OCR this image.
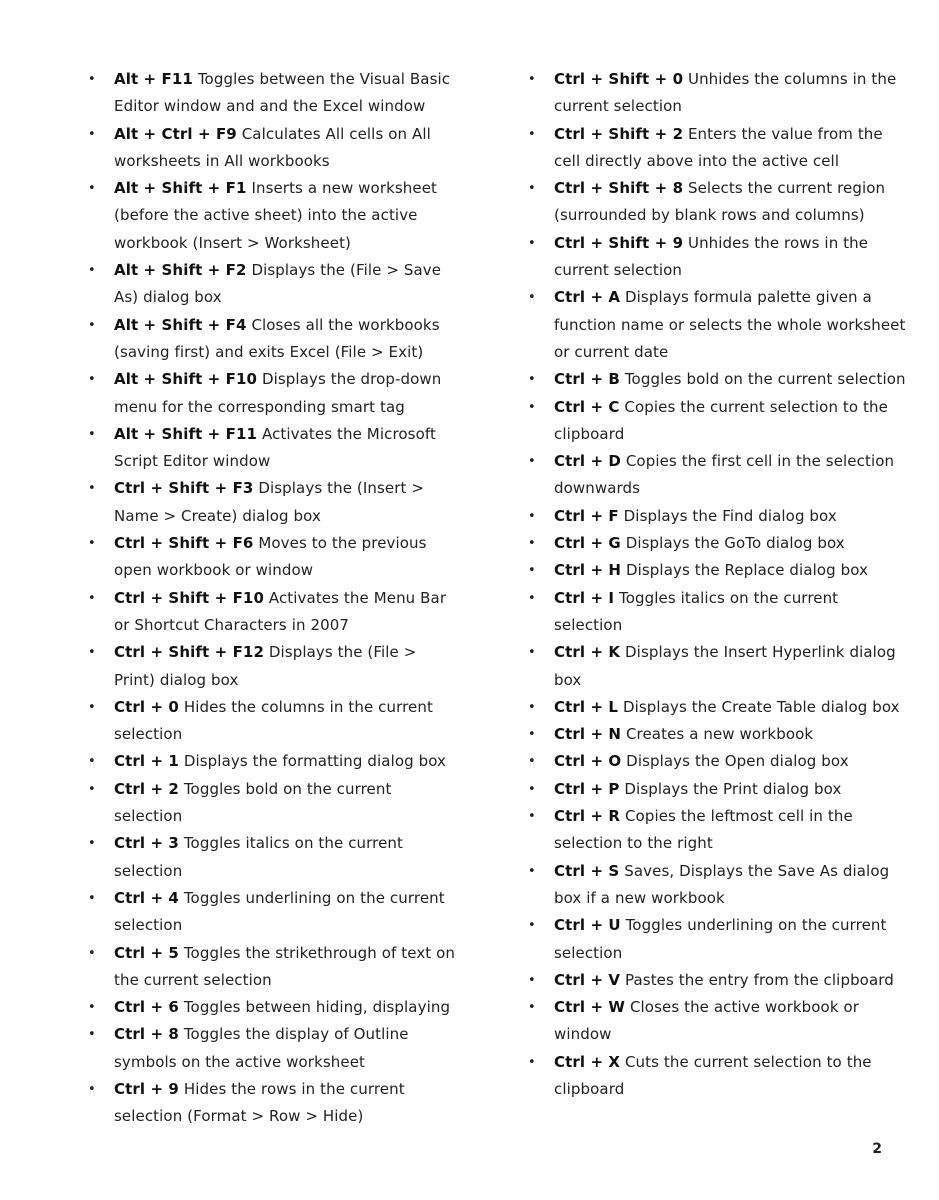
• Alt + F11 Toggles between the Visual Basic Editor window and and the Excel window
• Alt + Ctrl + F9 Calculates All cells on All worksheets in All workbooks
• Alt + Shift + F1 Inserts a new worksheet (before the active sheet) into the active workbook (Insert > Worksheet)
• Alt + Shift + F2 Displays the (File > Save As) dialog box
• Alt + Shift + F4 Closes all the workbooks (saving first) and exits Excel (File > Exit)
• Alt + Shift + F10 Displays the drop-down menu for the corresponding smart tag
• Alt + Shift + F11 Activates the Microsoft Script Editor window
• Ctrl + Shift + F3 Displays the (Insert > Name > Create) dialog box
• Ctrl + Shift + F6 Moves to the previous open workbook or window
• Ctrl + Shift + F10 Activates the Menu Bar or Shortcut Characters in 2007
• Ctrl + Shift + F12 Displays the (File > Print) dialog box
• Ctrl + 0 Hides the columns in the current selection
• Ctrl + 1 Displays the formatting dialog box
• Ctrl + 2 Toggles bold on the current selection
• Ctrl + 3 Toggles italics on the current selection
• Ctrl + 4 Toggles underlining on the current selection
• Ctrl + 5 Toggles the strikethrough of text on the current selection
• Ctrl + 6 Toggles between hiding, displaying
• Ctrl + 8 Toggles the display of Outline symbols on the active worksheet
• Ctrl + 9 Hides the rows in the current selection (Format > Row > Hide)
• Ctrl + Shift + 0 Unhides the columns in the current selection
• Ctrl + Shift + 2 Enters the value from the cell directly above into the active cell
• Ctrl + Shift + 8 Selects the current region (surrounded by blank rows and columns)
• Ctrl + Shift + 9 Unhides the rows in the current selection
• Ctrl + A Displays formula palette given a function name or selects the whole worksheet or current date
• Ctrl + B Toggles bold on the current selection
• Ctrl + C Copies the current selection to the clipboard
• Ctrl + D Copies the first cell in the selection downwards
• Ctrl + F Displays the Find dialog box
• Ctrl + G Displays the GoTo dialog box
• Ctrl + H Displays the Replace dialog box
• Ctrl + I Toggles italics on the current selection
• Ctrl + K Displays the Insert Hyperlink dialog box
• Ctrl + L Displays the Create Table dialog box
• Ctrl + N Creates a new workbook
• Ctrl + O Displays the Open dialog box
• Ctrl + P Displays the Print dialog box
• Ctrl + R Copies the leftmost cell in the selection to the right
• Ctrl + S Saves, Displays the Save As dialog box if a new workbook
• Ctrl + U Toggles underlining on the current selection
• Ctrl + V Pastes the entry from the clipboard
• Ctrl + W Closes the active workbook or window
• Ctrl + X Cuts the current selection to the clipboard
2
